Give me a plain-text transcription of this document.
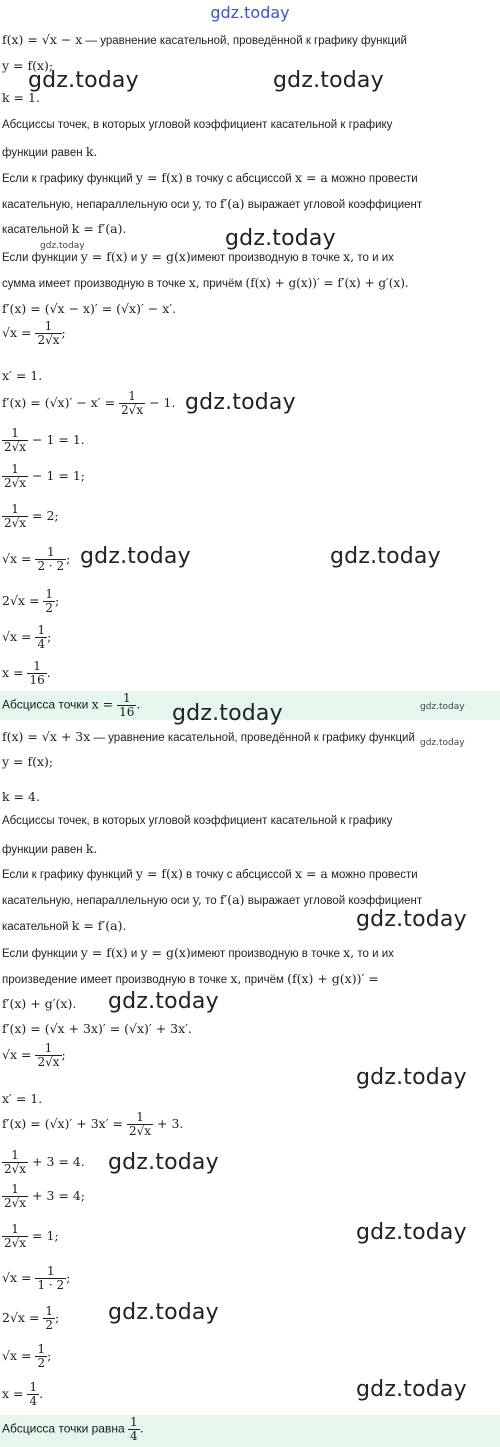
gdz.today
f(x) = √x − x — уравнение касательной, проведённой к графику функций
y = f(x);
k = 1.
Абсциссы точек, в которых угловой коэффициент касательной к графику
функции равен k.
Если к графику функций y = f(x) в точку с абсциссой x = a можно провести
касательную, непараллельную оси y, то f′(a) выражает угловой коэффициент
касательной k = f′(a).
Если функции y = f(x) и y = g(x)имеют производную в точке x, то и их
сумма имеет производную в точке x, причём (f(x) + g(x))′ = f′(x) + g′(x).
f′(x) = (√x − x)′ = (√x)′ − x′.
$√x = \frac{1}{2√x}$ ;
x′ = 1.
$f'(x) = (√x)' - x' = \frac{1}{2√x} - 1$.
$\frac{1}{2√x} - 1 = 1$.
$\frac{1}{2√x} - 1 = 1$;
$\frac{1}{2√x} = 2$;
$√x = \frac{1}{2 \cdot 2}$ ;
$2√x = \frac{1}{2}$ ;
$√x = \frac{1}{4}$ ;
$x = \frac{1}{16}$ .
Абсцисса точки $x = \frac{1}{16}$ .
f(x) = √x + 3x — уравнение касательной, проведённой к графику функций
y = f(x);
k = 4.
Абсциссы точек, в которых угловой коэффициент касательной к графику
функции равен k.
Если к графику функций y = f(x) в точку с абсциссой x = a можно провести
касательную, непараллельную оси y, то f′(a) выражает угловой коэффициент
касательной k = f′(a).
Если функции y = f(x) и y = g(x)имеют производную в точке x, то и их
произведение имеет производную в точке x, причём (f(x) + g(x))′ =
f′(x) + g′(x).
f′(x) = (√x + 3x)′ = (√x)′ + 3x′.
$√x = \frac{1}{2√x}$ ;
x′ = 1.
$f'(x) = (√x)' + 3x' = \frac{1}{2√x} + 3$.
$\frac{1}{2√x} + 3 = 4$.
$\frac{1}{2√x} + 3 = 4$;
$\frac{1}{2√x} = 1$;
$√x = \frac{1}{1 \cdot 2}$ ;
$2√x = \frac{1}{2}$ ;
$√x = \frac{1}{2}$ ;
$x = \frac{1}{4}$ .
Абсцисса точки равна $\frac{1}{4}$ .
gdz.today	gdz.today
gdz.today
gdz.today
gdz.today
gdz.today	gdz.today
gdz.today	gdz.today
gdz.today
gdz.today
gdz.today
gdz.today
gdz.today
gdz.today
gdz.today
gdz.today
